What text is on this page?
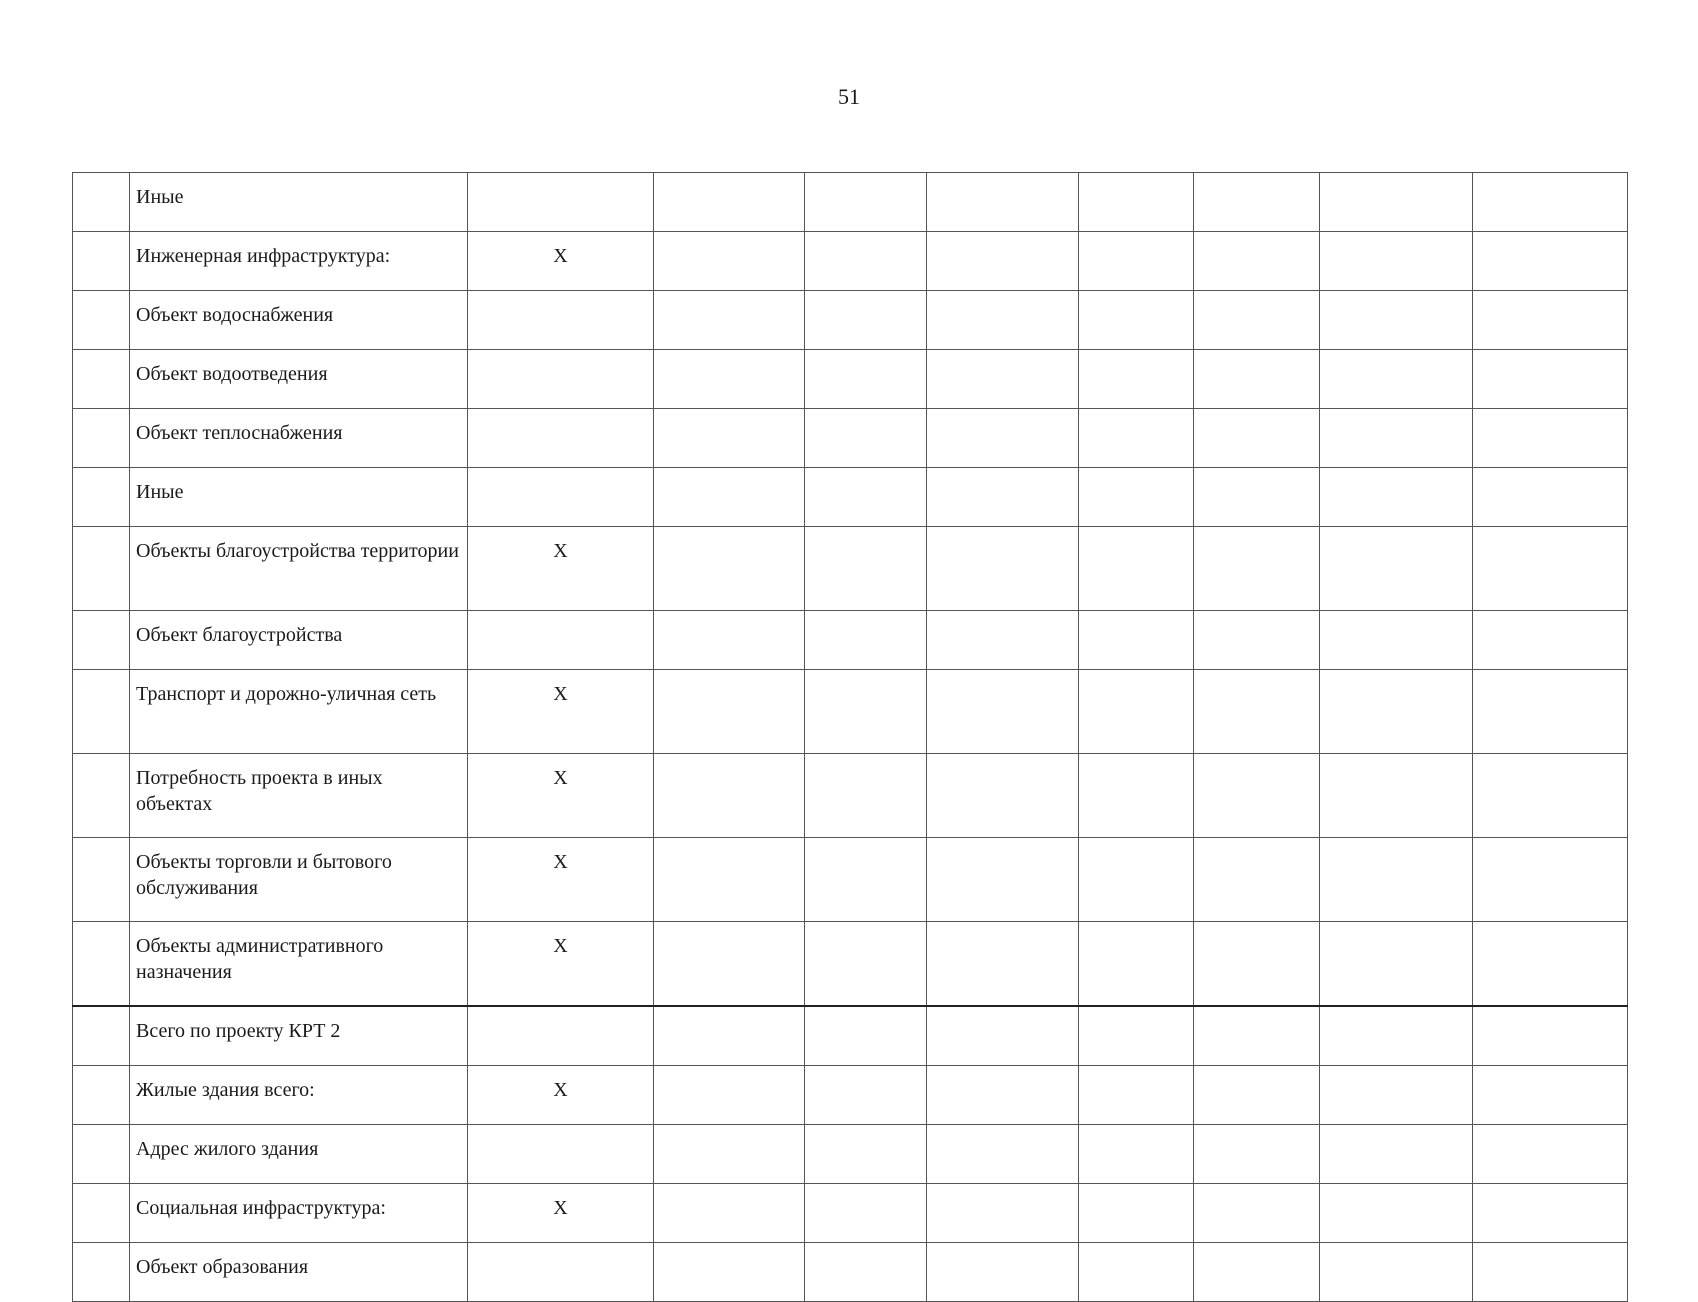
51
	Иные								
	Инженерная инфраструктура:	X							
	Объект водоснабжения								
	Объект водоотведения								
	Объект теплоснабжения								
	Иные								
	Объекты благоустройства территории	X							
	Объект благоустройства								
	Транспорт и дорожно-уличная сеть	X							
	Потребность проекта в иных объектах	X							
	Объекты торговли и бытового обслуживания	X							
	Объекты административного назначения	X							
	Всего по проекту КРТ 2								
	Жилые здания всего:	X							
	Адрес жилого здания								
	Социальная инфраструктура:	X							
	Объект образования								
